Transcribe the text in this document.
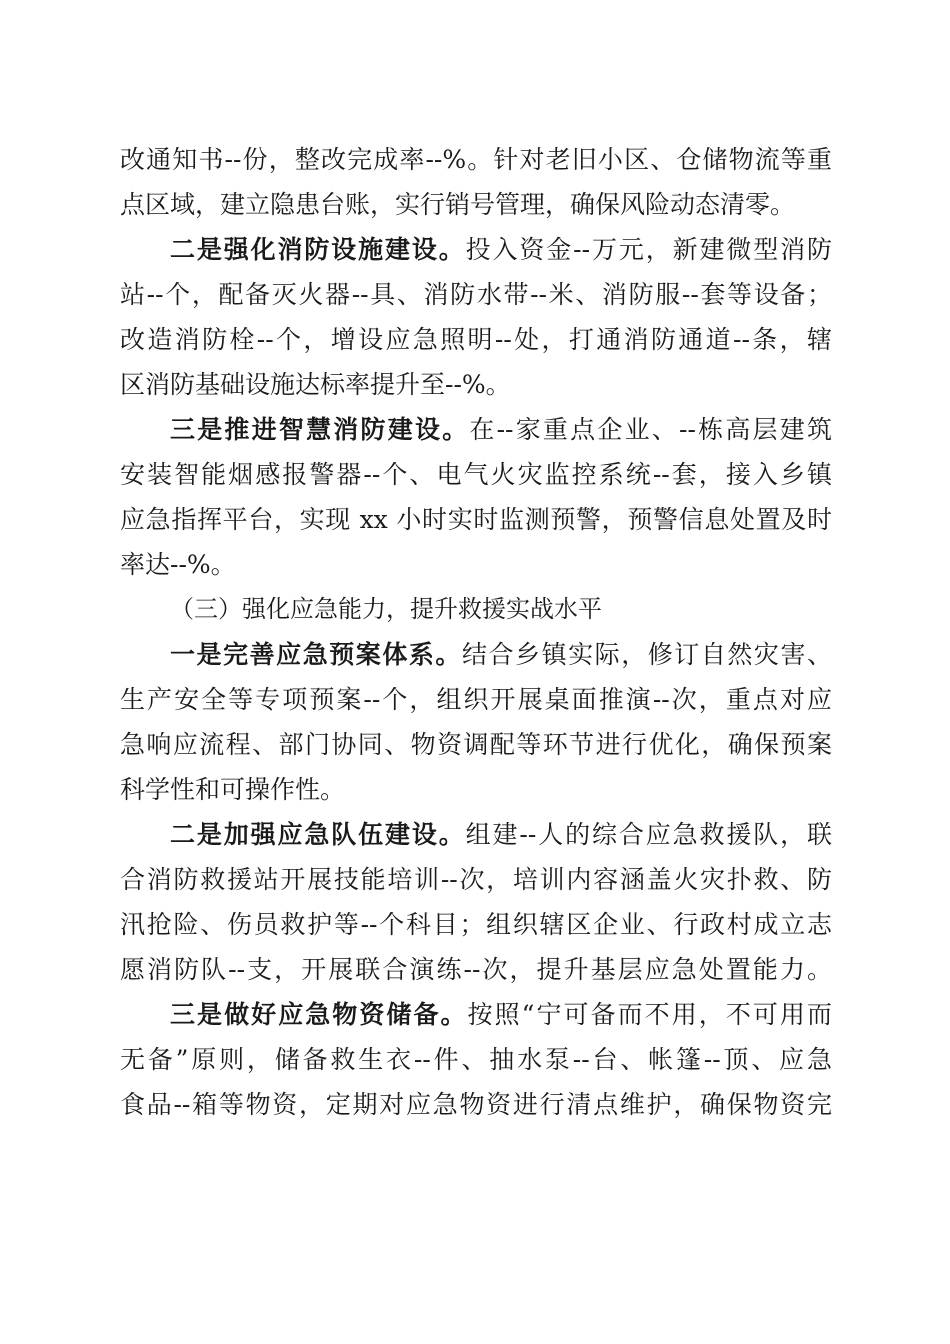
改通知书--份，整改完成率--%。针对老旧小区、仓储物流等重
点区域，建立隐患台账，实行销号管理，确保风险动态清零。
二是强化消防设施建设。投入资金--万元，新建微型消防
站--个，配备灭火器--具、消防水带--米、消防服--套等设备；
改造消防栓--个，增设应急照明--处，打通消防通道--条，辖
区消防基础设施达标率提升至--%。
三是推进智慧消防建设。在--家重点企业、--栋高层建筑
安装智能烟感报警器--个、电气火灾监控系统--套，接入乡镇
应急指挥平台，实现 xx 小时实时监测预警，预警信息处置及时
率达--%。
（三）强化应急能力，提升救援实战水平
一是完善应急预案体系。结合乡镇实际，修订自然灾害、
生产安全等专项预案--个，组织开展桌面推演--次，重点对应
急响应流程、部门协同、物资调配等环节进行优化，确保预案
科学性和可操作性。
二是加强应急队伍建设。组建--人的综合应急救援队，联
合消防救援站开展技能培训--次，培训内容涵盖火灾扑救、防
汛抢险、伤员救护等--个科目；组织辖区企业、行政村成立志
愿消防队--支，开展联合演练--次，提升基层应急处置能力。
三是做好应急物资储备。按照“宁可备而不用，不可用而
无备”原则，储备救生衣--件、抽水泵--台、帐篷--顶、应急
食品--箱等物资，定期对应急物资进行清点维护，确保物资完
